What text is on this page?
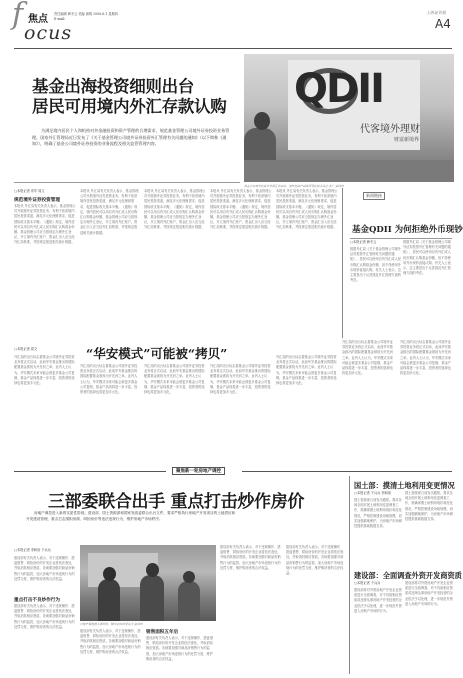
f 焦点
ocus
责任编辑 韩冬云 美编 唐明 2006.6.1 星期四
E-mail:
上海证券报
A4
基金出海投资细则出台
居民可用境内外汇存款认购 QDII
代客境外理财
财富新境界
基金公司境外投资业务将正式启动，境外投资产品将更受投资者关注 张仁 资料图
为满足境内居民个人和机构对外金融投资和资产管理的合理需求，规范基金管理公司境外证券投资业务管理，国家外汇管理局近日发布了《关于基金管理公司境外证券投资外汇管理有关问题的通知》（以下简称《通知》），明确了基金公司境外证券投资的业务流程及相关监管管理内容。
□本报记者 邓华 周文
规范境外证券投资管理
本报讯 外汇局有关负责人表示，基金管理公司开展境外证券投资业务，有利于拓宽境内居民投资渠道，满足多元化理财需求，促进国际收支基本平衡。《通知》规定，境内居民可以用自有外汇或人民币购汇认购基金份额，基金管理公司应当按规定办理外汇登记，开立境内外汇账户，资金汇出入应当经外汇局核准，并按规定报送相关统计数据。
本报讯 外汇局有关负责人表示，基金管理公司开展境外证券投资业务，有利于拓宽境内居民投资渠道，满足多元化理财需求，促进国际收支基本平衡。《通知》规定，境内居民可以用自有外汇或人民币购汇认购基金份额，基金管理公司应当按规定办理外汇登记，开立境内外汇账户，资金汇出入应当经外汇局核准，并按规定报送相关统计数据。
本报讯 外汇局有关负责人表示，基金管理公司开展境外证券投资业务，有利于拓宽境内居民投资渠道，满足多元化理财需求，促进国际收支基本平衡。《通知》规定，境内居民可以用自有外汇或人民币购汇认购基金份额，基金管理公司应当按规定办理外汇登记，开立境内外汇账户，资金汇出入应当经外汇局核准，并按规定报送相关统计数据。
本报讯 外汇局有关负责人表示，基金管理公司开展境外证券投资业务，有利于拓宽境内居民投资渠道，满足多元化理财需求，促进国际收支基本平衡。《通知》规定，境内居民可以用自有外汇或人民币购汇认购基金份额，基金管理公司应当按规定办理外汇登记，开立境内外汇账户，资金汇出入应当经外汇局核准，并按规定报送相关统计数据。
本报讯 外汇局有关负责人表示，基金管理公司开展境外证券投资业务，有利于拓宽境内居民投资渠道，满足多元化理财需求，促进国际收支基本平衡。《通知》规定，境内居民可以用自有外汇或人民币购汇认购基金份额，基金管理公司应当按规定办理外汇登记，开立境内外汇账户，资金汇出入应当经外汇局核准，并按规定报送相关统计数据。
新闻链接
基金QDII 为何拒绝外币现钞
□本报记者 韩冬云
根据外汇局《关于基金管理公司境外证券投资外汇管理有关问题的通知》，居民可以使用自有外汇或人民币购汇认购基金份额，但不得使用外币现钞直接认购。有关人士表示，这主要是出于反洗钱及外汇管理方面的考虑。
根据外汇局《关于基金管理公司境外证券投资外汇管理有关问题的通知》，居民可以使用自有外汇或人民币购汇认购基金份额，但不得使用外币现钞直接认购。有关人士表示，这主要是出于反洗钱及外汇管理方面的考虑。
“华安模式”可能被“拷贝”
□本报记者 周文
外汇局的出台标志着基金公司境外证券投资业务将正式启动，此前华安基金推出的国际配置基金被视为开先河之举。业内人士认为，华安模式未来可能会被更多基金公司复制，基金产品线将进一步丰富，投资者的选择也将更加多元化。
外汇局的出台标志着基金公司境外证券投资业务将正式启动，此前华安基金推出的国际配置基金被视为开先河之举。业内人士认为，华安模式未来可能会被更多基金公司复制，基金产品线将进一步丰富，投资者的选择也将更加多元化。
外汇局的出台标志着基金公司境外证券投资业务将正式启动，此前华安基金推出的国际配置基金被视为开先河之举。业内人士认为，华安模式未来可能会被更多基金公司复制，基金产品线将进一步丰富，投资者的选择也将更加多元化。
外汇局的出台标志着基金公司境外证券投资业务将正式启动，此前华安基金推出的国际配置基金被视为开先河之举。业内人士认为，华安模式未来可能会被更多基金公司复制，基金产品线将进一步丰富，投资者的选择也将更加多元化。
外汇局的出台标志着基金公司境外证券投资业务将正式启动，此前华安基金推出的国际配置基金被视为开先河之举。业内人士认为，华安模式未来可能会被更多基金公司复制，基金产品线将进一步丰富，投资者的选择也将更加多元化。
外汇局的出台标志着基金公司境外证券投资业务将正式启动，此前华安基金推出的国际配置基金被视为开先河之举。业内人士认为，华安模式未来可能会被更多基金公司复制，基金产品线将进一步丰富，投资者的选择也将更加多元化。
外汇局的出台标志着基金公司境外证券投资业务将正式启动，此前华安基金推出的国际配置基金被视为开先河之举。业内人士认为，华安模式未来可能会被更多基金公司复制，基金产品线将进一步丰富，投资者的选择也将更加多元化。
聚焦新一轮房地产调控
三部委联合出手 重点打击炒作房价
房地产调控进入新的实质性阶段。建设部、国土资源部和国家发改委联合出台文件，要求严格执行房地产开发项目的土地供应和开发建设管理，重点打击囤积房源、哄抬房价等违法违规行为，维护房地产市场秩序。
□本报记者 李和裕 于兵兵
建设部有关负责人表示，对于违规操作、捂盘惜售、哄抬房价的开发企业将依法查处，并取消其相应资质。各地要加强对商品房销售行为的监管，加大房地产市场违规行为的处罚力度，维护购房者的合法权益。
重点打击不良炒作行为
建设部有关负责人表示，对于违规操作、捂盘惜售、哄抬房价的开发企业将依法查处，并取消其相应资质。各地要加强对商品房销售行为的监管，加大房地产市场违规行为的处罚力度，维护购房者的合法权益。
房地产调控进入新阶段，楼市走向备受关注 资料图
建设部有关负责人表示，对于违规操作、捂盘惜售、哄抬房价的开发企业将依法查处，并取消其相应资质。各地要加强对商品房销售行为的监管，加大房地产市场违规行为的处罚力度，维护购房者的合法权益。
销售面积五年后
建设部有关负责人表示，对于违规操作、捂盘惜售、哄抬房价的开发企业将依法查处，并取消其相应资质。各地要加强对商品房销售行为的监管，加大房地产市场违规行为的处罚力度，维护购房者的合法权益。
建设部有关负责人表示，对于违规操作、捂盘惜售、哄抬房价的开发企业将依法查处，并取消其相应资质。各地要加强对商品房销售行为的监管，加大房地产市场违规行为的处罚力度，维护购房者的合法权益。
建设部有关负责人表示，对于违规操作、捂盘惜售、哄抬房价的开发企业将依法查处，并取消其相应资质。各地要加强对商品房销售行为的监管，加大房地产市场违规行为的处罚力度，维护购房者的合法权益。
国土部：摸清土地利用变更情况
□本报记者 于兵兵 李和裕
国土资源部日前发出通知，要求各地全面开展土地利用变更调查工作，准确掌握土地利用现状和变化情况，严格控制建设用地规模，切实加强耕地保护，为房地产市场调控提供基础数据支持。
国土资源部日前发出通知，要求各地全面开展土地利用变更调查工作，准确掌握土地利用现状和变化情况，严格控制建设用地规模，切实加强耕地保护，为房地产市场调控提供基础数据支持。
建设部：全面调查外资开发商资质
□本报记者 于兵兵
建设部将对外资房地产开发企业资质进行全面调查，对不具备相应资质或违规从事房地产开发经营的企业依法予以处理，进一步规范外资进入房地产市场的行为。
建设部将对外资房地产开发企业资质进行全面调查，对不具备相应资质或违规从事房地产开发经营的企业依法予以处理，进一步规范外资进入房地产市场的行为。
